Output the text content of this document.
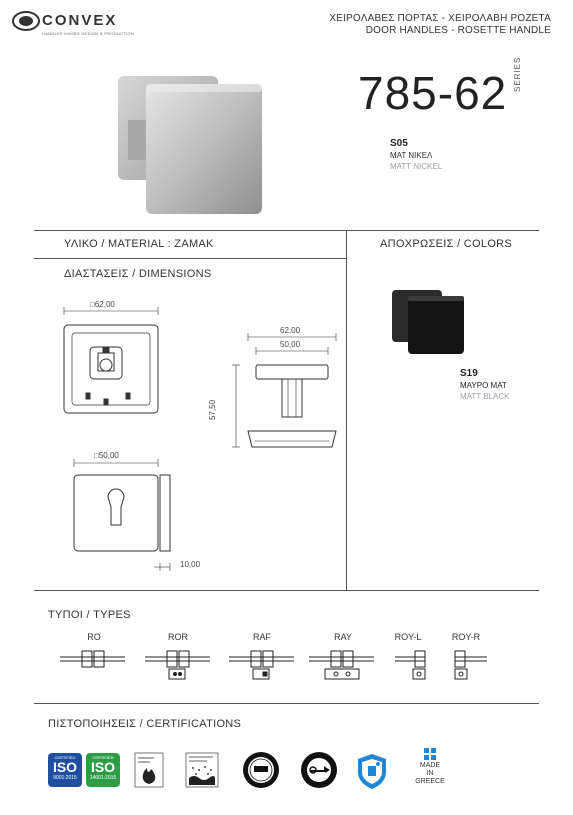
CONVEX
HANDLES KNOBS DESIGN & PRODUCTION
ΧΕΙΡΟΛΑΒΕΣ ΠΟΡΤΑΣ - ΧΕΙΡΟΛΑΒΗ ΡΟΖΕΤΑ
DOOR HANDLES - ROSETTE HANDLE
785-62 SERIES
S05
ΜΑΤ ΝΙΚΕΛ
MATT NICKEL
ΥΛΙΚΟ / MATERIAL : ZAMAK
ΔΙΑΣΤΑΣΕΙΣ / DIMENSIONS
ΑΠΟΧΡΩΣΕΙΣ / COLORS
□62,00
62,00
50,00
57,50
□50,00
10,00
S19
ΜΑΥΡΟ ΜΑΤ
MATT BLACK
ΤΥΠΟΙ / TYPES
RO	ROR	RAF	RAY	ROY-L	ROY-R
ΠΙΣΤΟΠΟΙΗΣΕΙΣ / CERTIFICATIONS
CERTIFIED
ISO
9001:2015
CERTIFIED
ISO
14001:2015
MADE
IN
GREECE
